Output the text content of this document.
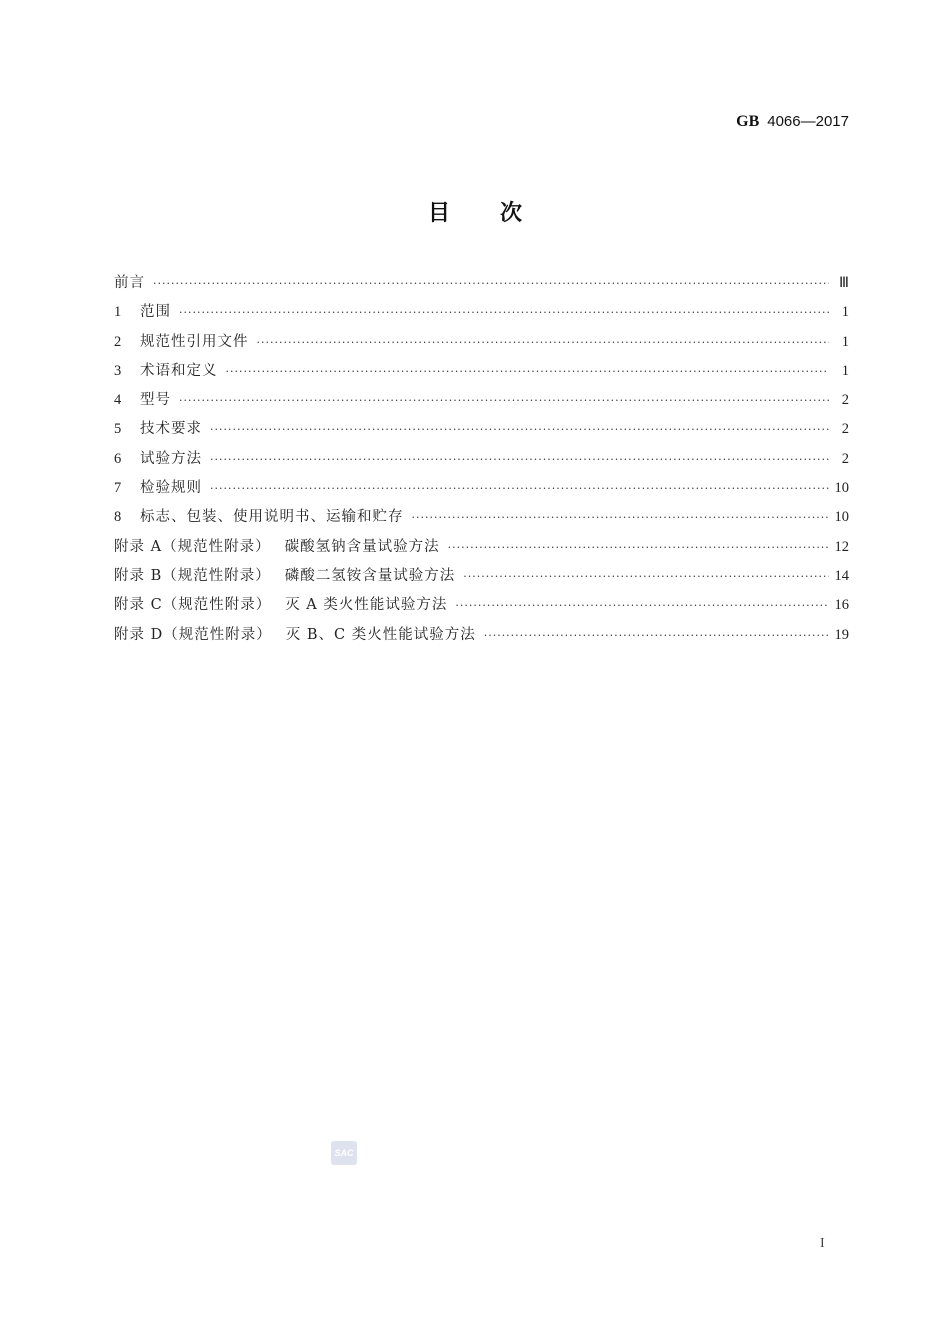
GB 4066—2017
目 次
前言 ·····	Ⅲ
1	范围 ·····	1
2	规范性引用文件 ·····	1
3	术语和定义 ·····	1
4	型号 ·····	2
5	技术要求 ·····	2
6	试验方法 ·····	2
7	检验规则 ·····	10
8	标志、包装、使用说明书、运输和贮存 ·····	10
附录 A（规范性附录） 碳酸氢钠含量试验方法 ·····	12
附录 B（规范性附录） 磷酸二氢铵含量试验方法 ·····	14
附录 C（规范性附录） 灭 A 类火性能试验方法 ·····	16
附录 D（规范性附录） 灭 B、C 类火性能试验方法 ·····	19
SAC
I
